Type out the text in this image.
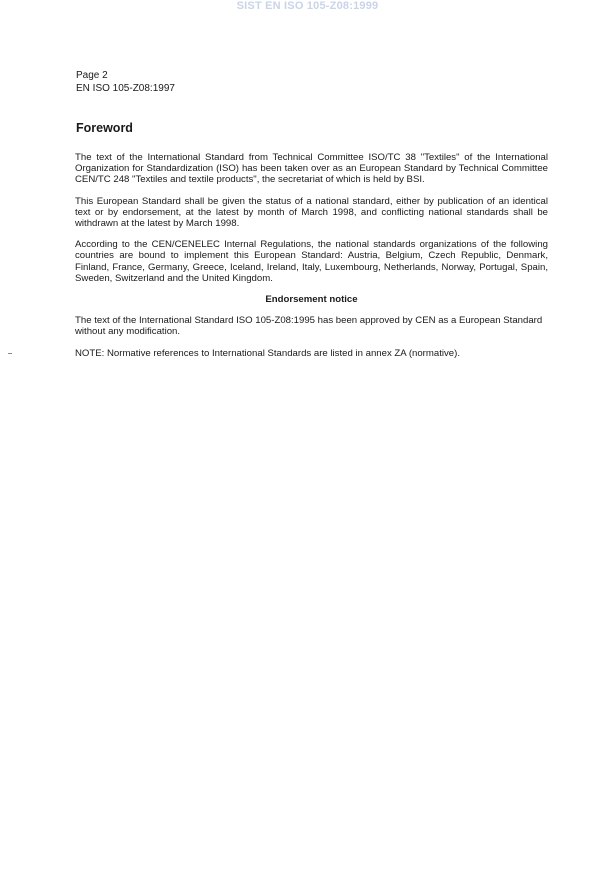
SIST EN ISO 105-Z08:1999
Page 2
EN ISO 105-Z08:1997
Foreword

The text of the International Standard from Technical Committee ISO/TC 38 "Textiles" of the International Organization for Standardization (ISO) has been taken over as an European Standard by Technical Committee CEN/TC 248 "Textiles and textile products", the secretariat of which is held by BSI.

This European Standard shall be given the status of a national standard, either by publication of an identical text or by endorsement, at the latest by month of March 1998, and conflicting national standards shall be withdrawn at the latest by March 1998.

According to the CEN/CENELEC Internal Regulations, the national standards organizations of the following countries are bound to implement this European Standard: Austria, Belgium, Czech Republic, Denmark, Finland, France, Germany, Greece, Iceland, Ireland, Italy, Luxembourg, Netherlands, Norway, Portugal, Spain, Sweden, Switzerland and the United Kingdom.

Endorsement notice

The text of the International Standard ISO 105-Z08:1995 has been approved by CEN as a European Standard without any modification.

NOTE: Normative references to International Standards are listed in annex ZA (normative).
